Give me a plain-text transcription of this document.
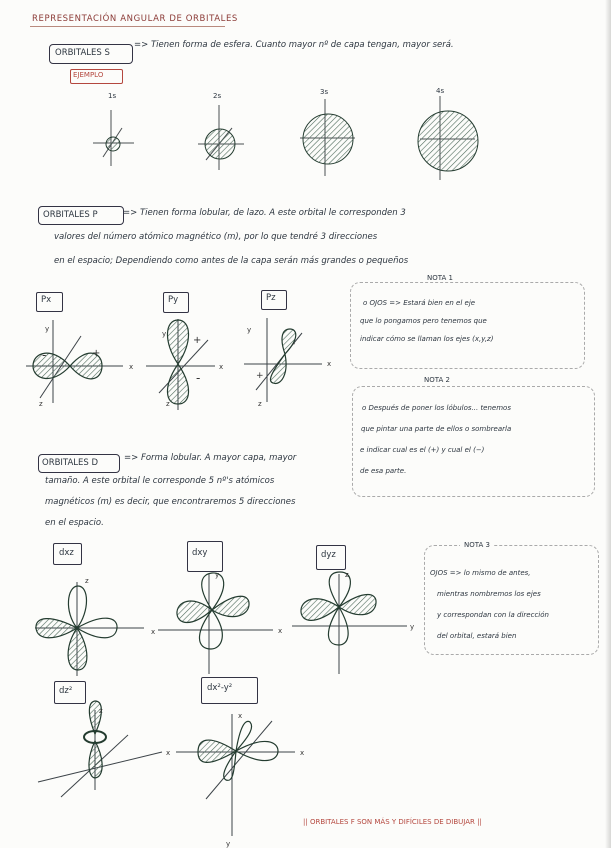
REPRESENTACIÓN ANGULAR DE ORBITALES
ORBITALES S
=> Tienen forma de esfera. Cuanto mayor nº de capa tengan, mayor será.
EJEMPLO
1s	2s	3s	4s
y
x
z
y
x
z
y
x
z
z
x
y
x
z
y
z
x
x
x
y
-	+
+
-
-
+
ORBITALES P	=> Tienen forma lobular, de lazo. A este orbital le corresponden 3
valores del número atómico magnético (m), por lo que tendré 3 direcciones
en el espacio; Dependiendo como antes de la capa serán más grandes o pequeños
Px	Py	Pz
NOTA 1
o OJOS => Estará bien en el eje
que lo pongamos pero tenemos que
indicar cómo se llaman los ejes (x,y,z)
NOTA 2
o Después de poner los lóbulos... tenemos
que pintar una parte de ellos o sombrearla
e indicar cual es el (+) y cual el (−)
de esa parte.
ORBITALES D	=> Forma lobular. A mayor capa, mayor
tamaño. A este orbital le corresponde 5 nº's atómicos
magnéticos (m) es decir, que encontraremos 5 direcciones
en el espacio.
dxz	dxy	dyz
dz²	dx²-y²
NOTA 3
OJOS => lo mismo de antes,
mientras nombremos los ejes
y correspondan con la dirección
del orbital, estará bien
|| ORBITALES F SON MÁS Y DIFÍCILES DE DIBUJAR ||
